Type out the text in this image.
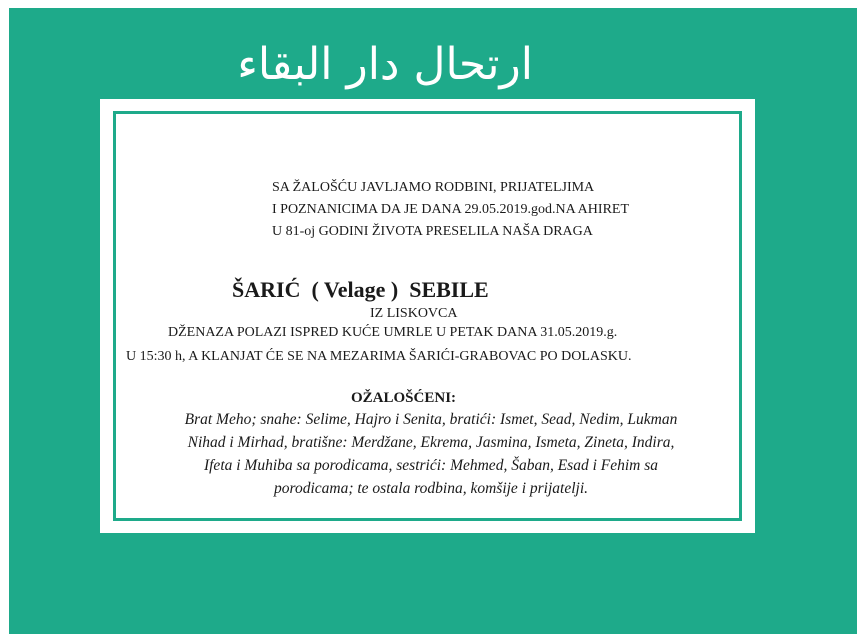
ارتحال دار البقاء
SA ŽALOŠĆU JAVLJAMO RODBINI, PRIJATELJIMA
I POZNANICIMA DA JE DANA 29.05.2019.god.NA AHIRET
U 81-oj GODINI ŽIVOTA PRESELILA NAŠA DRAGA
ŠARIĆ  ( Velage )  SEBILE
IZ LISKOVCA
DŽENAZA POLAZI ISPRED KUĆE UMRLE U PETAK DANA 31.05.2019.g.
U 15:30 h, A KLANJAT ĆE SE NA MEZARIMA ŠARIĆI-GRABOVAC PO DOLASKU.
OŽALOŠĆENI:
Brat Meho; snahe: Selime, Hajro i Senita, bratići: Ismet, Sead, Nedim, Lukman
Nihad i Mirhad, bratišne: Merdžane, Ekrema, Jasmina, Ismeta, Zineta, Indira,
Ifeta i Muhiba sa porodicama, sestrići: Mehmed, Šaban, Esad i Fehim sa
porodicama; te ostala rodbina, komšije i prijatelji.
